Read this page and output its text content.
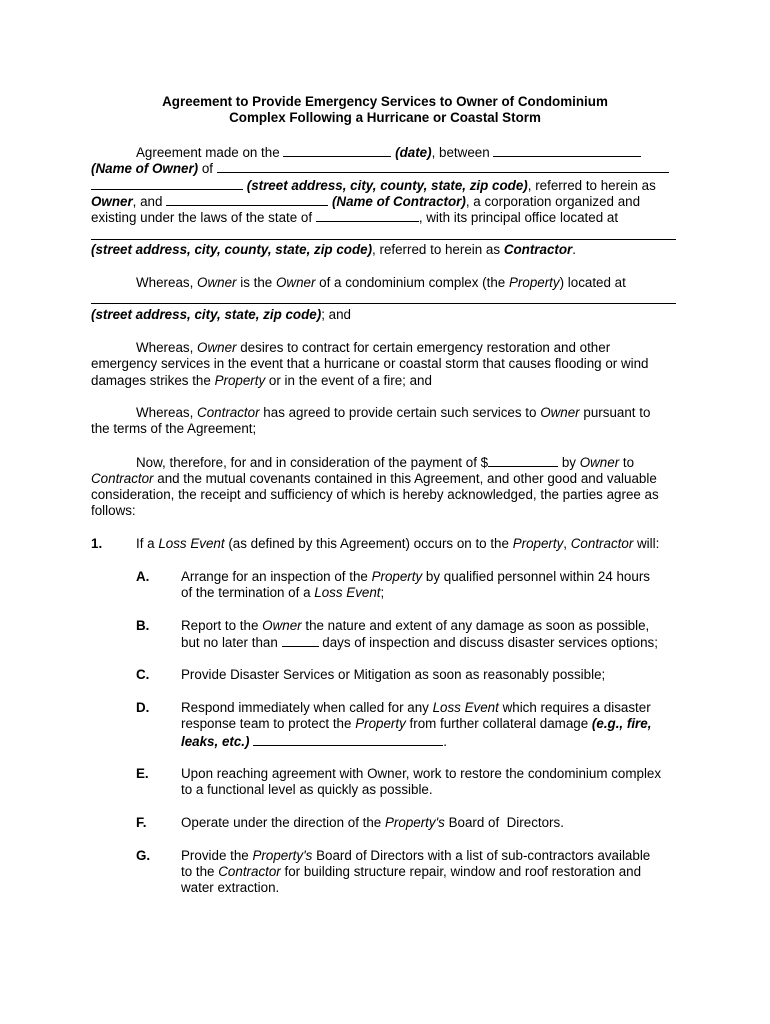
Agreement to Provide Emergency Services to Owner of Condominium
Complex Following a Hurricane or Coastal Storm
Agreement made on the	(date), between
(Name of Owner) of
(street address, city, county, state, zip code), referred to herein as
Owner, and	(Name of Contractor), a corporation organized and
existing under the laws of the state of	, with its principal office located at
(street address, city, county, state, zip code), referred to herein as Contractor.
Whereas, Owner is the Owner of a condominium complex (the Property) located at
(street address, city, state, zip code); and
Whereas, Owner desires to contract for certain emergency restoration and other
emergency services in the event that a hurricane or coastal storm that causes flooding or wind
damages strikes the Property or in the event of a fire; and
Whereas, Contractor has agreed to provide certain such services to Owner pursuant to
the terms of the Agreement;
Now, therefore, for and in consideration of the payment of $	by Owner to
Contractor and the mutual covenants contained in this Agreement, and other good and valuable
consideration, the receipt and sufficiency of which is hereby acknowledged, the parties agree as
follows:
1.	If a Loss Event (as defined by this Agreement) occurs on to the Property, Contractor will:
A. Arrange for an inspection of the Property by qualified personnel within 24 hours
of the termination of a Loss Event;
B. Report to the Owner the nature and extent of any damage as soon as possible,
but no later than	days of inspection and discuss disaster services options;
C. Provide Disaster Services or Mitigation as soon as reasonably possible;
D. Respond immediately when called for any Loss Event which requires a disaster
response team to protect the Property from further collateral damage (e.g., fire,
leaks, etc.)	.
E. Upon reaching agreement with Owner, work to restore the condominium complex
to a functional level as quickly as possible.
F.	Operate under the direction of the Property's Board of  Directors.
G. Provide the Property's Board of Directors with a list of sub-contractors available
to the Contractor for building structure repair, window and roof restoration and
water extraction.
